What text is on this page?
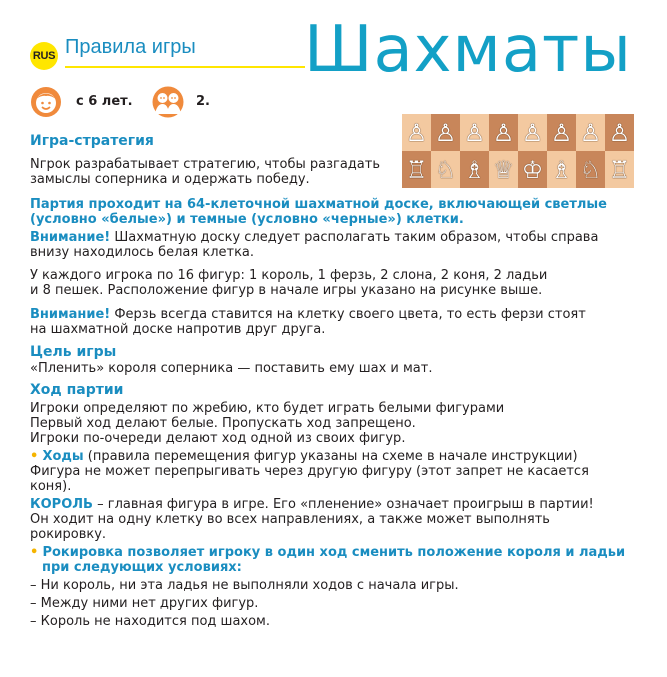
RUS Правила игры Шахматы
с 6 лет.	2.
♙ ♙ ♙ ♙ ♙ ♙ ♙ ♙
♖ ♘ ♗ ♕ ♔ ♗ ♘ ♖
Игра-стратегия
Nгрок разрабатывает стратегию, чтобы разгадать
замыслы соперника и одержать победу.
Партия проходит на 64-клеточной шахматной доске, включающей светлые
(условно «белые») и темные (условно «черные») клетки.
Внимание! Шахматную доску следует располагать таким образом, чтобы справа
внизу находилось белая клетка.
У каждого игрока по 16 фигур: 1 король, 1 ферзь, 2 слона, 2 коня, 2 ладьи
и 8 пешек. Расположение фигур в начале игры указано на рисунке выше.
Внимание! Ферзь всегда ставится на клетку своего цвета, то есть ферзи стоят
на шахматной доске напротив друг друга.
Цель игры
«Пленить» короля соперника — поставить ему шах и мат.
Ход партии
Игроки определяют по жребию, кто будет играть белыми фигурами
Первый ход делают белые. Пропускать ход запрещено.
Игроки по-очереди делают ход одной из своих фигур.
• Ходы (правила перемещения фигур указаны на схеме в начале инструкции)
Фигура не может перепрыгивать через другую фигуру (этот запрет не касается
коня).
КОРОЛЬ – главная фигура в игре. Его «пленение» означает проигрыш в партии!
Он ходит на одну клетку во всех направлениях, а также может выполнять
рокировку.
• Рокировка позволяет игроку в один ход сменить положение короля и ладьи
при следующих условиях:
– Ни король, ни эта ладья не выполняли ходов с начала игры.
– Между ними нет других фигур.
– Король не находится под шахом.
